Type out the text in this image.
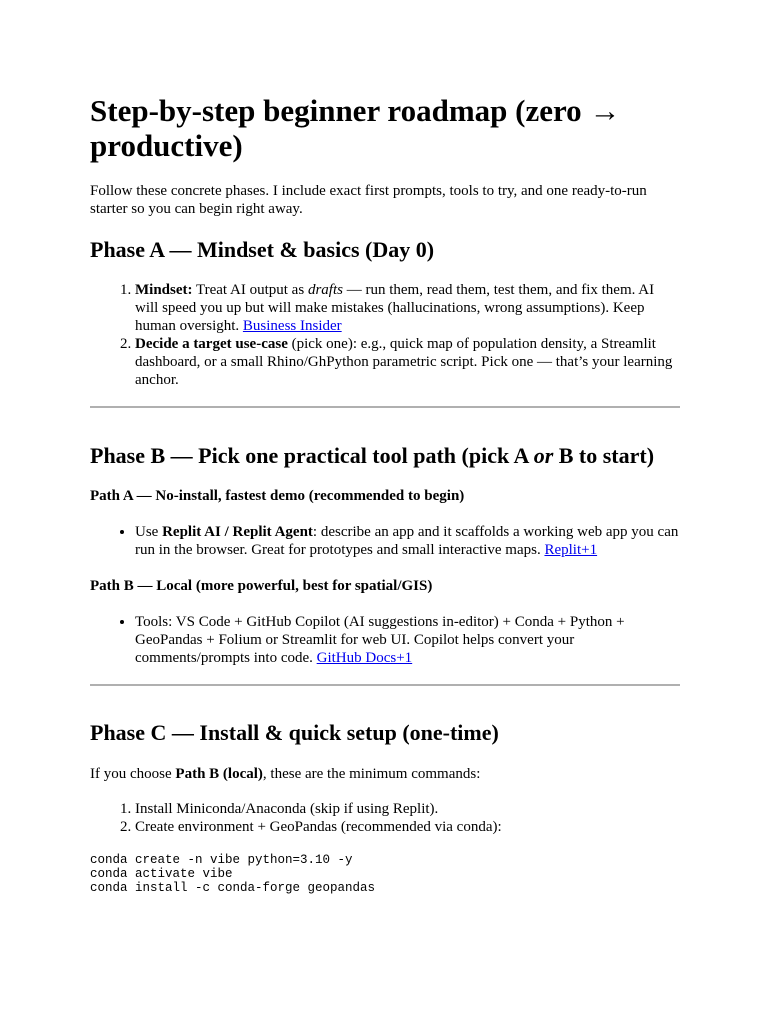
Step-by-step beginner roadmap (zero → productive)

Follow these concrete phases. I include exact first prompts, tools to try, and one ready-to-run starter so you can begin right away.

Phase A — Mindset & basics (Day 0)
1. Mindset: Treat AI output as drafts — run them, read them, test them, and fix them. AI will speed you up but will make mistakes (hallucinations, wrong assumptions). Keep human oversight. Business Insider
2. Decide a target use-case (pick one): e.g., quick map of population density, a Streamlit dashboard, or a small Rhino/GhPython parametric script. Pick one — that’s your learning anchor.
Phase B — Pick one practical tool path (pick A or B to start)
Path A — No-install, fastest demo (recommended to begin)
• Use Replit AI / Replit Agent: describe an app and it scaffolds a working web app you can run in the browser. Great for prototypes and small interactive maps. Replit+1
Path B — Local (more powerful, best for spatial/GIS)
• Tools: VS Code + GitHub Copilot (AI suggestions in-editor) + Conda + Python + GeoPandas + Folium or Streamlit for web UI. Copilot helps convert your comments/prompts into code. GitHub Docs+1
Phase C — Install & quick setup (one-time)

If you choose Path B (local), these are the minimum commands:

1. Install Miniconda/Anaconda (skip if using Replit).
2. Create environment + GeoPandas (recommended via conda):
conda create -n vibe python=3.10 -y
conda activate vibe
conda install -c conda-forge geopandas
